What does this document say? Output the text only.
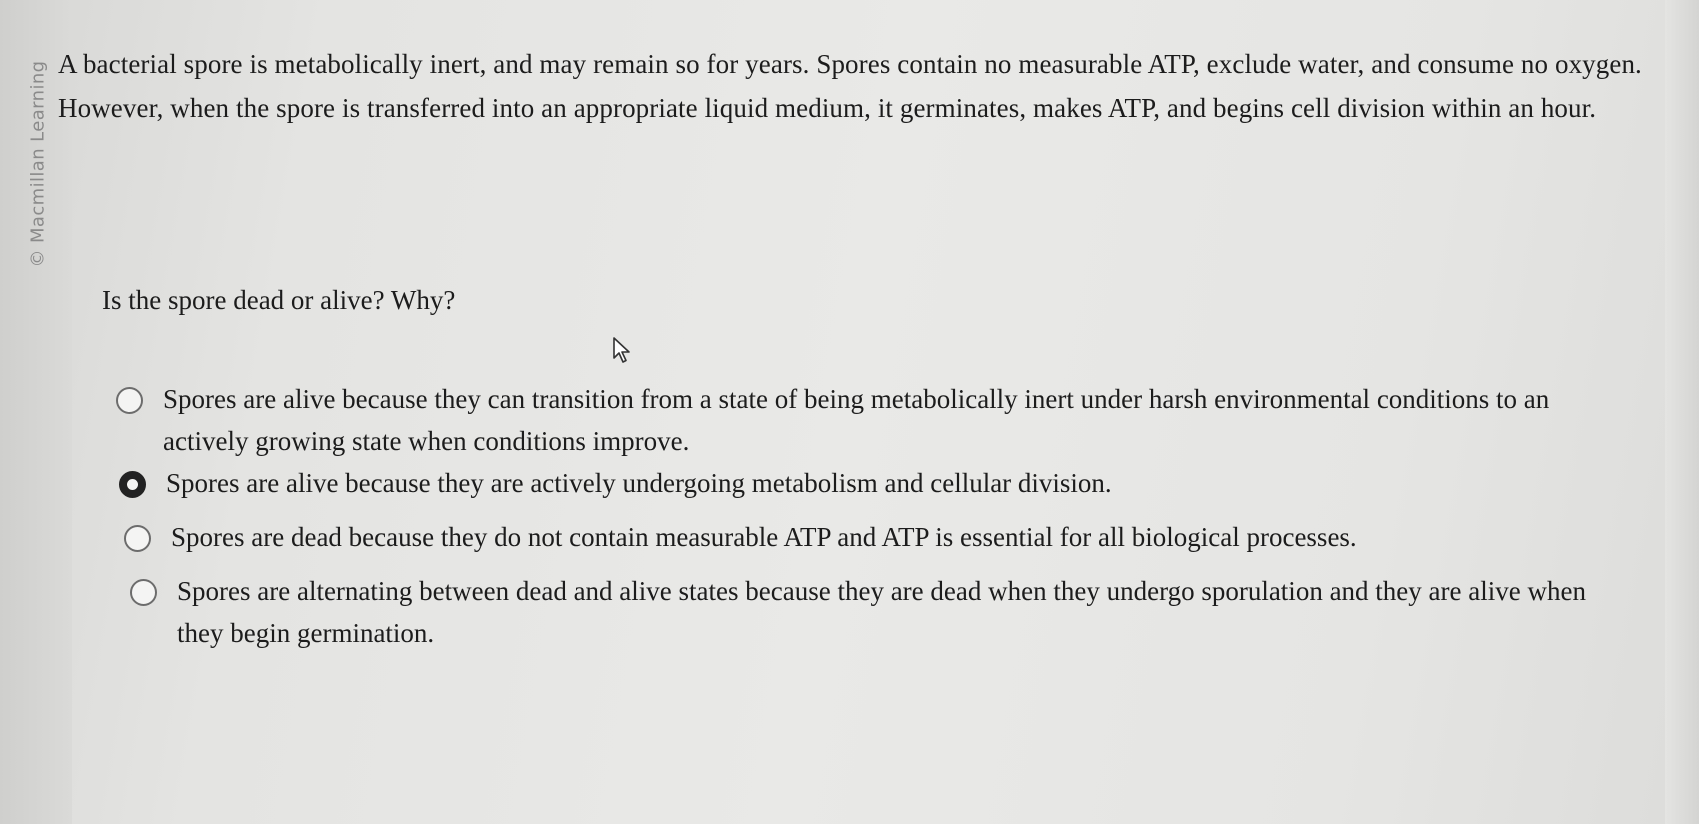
© Macmillan Learning A bacterial spore is metabolically inert, and may remain so for years. Spores contain no measurable ATP, exclude water, and consume no oxygen. However, when the spore is transferred into an appropriate liquid medium, it germinates, makes ATP, and begins cell division within an hour.

Is the spore dead or alive? Why?

Spores are alive because they can transition from a state of being metabolically inert under harsh environmental conditions to an actively growing state when conditions improve.
Spores are alive because they are actively undergoing metabolism and cellular division.
Spores are dead because they do not contain measurable ATP and ATP is essential for all biological processes.
Spores are alternating between dead and alive states because they are dead when they undergo sporulation and they are alive when they begin germination.
